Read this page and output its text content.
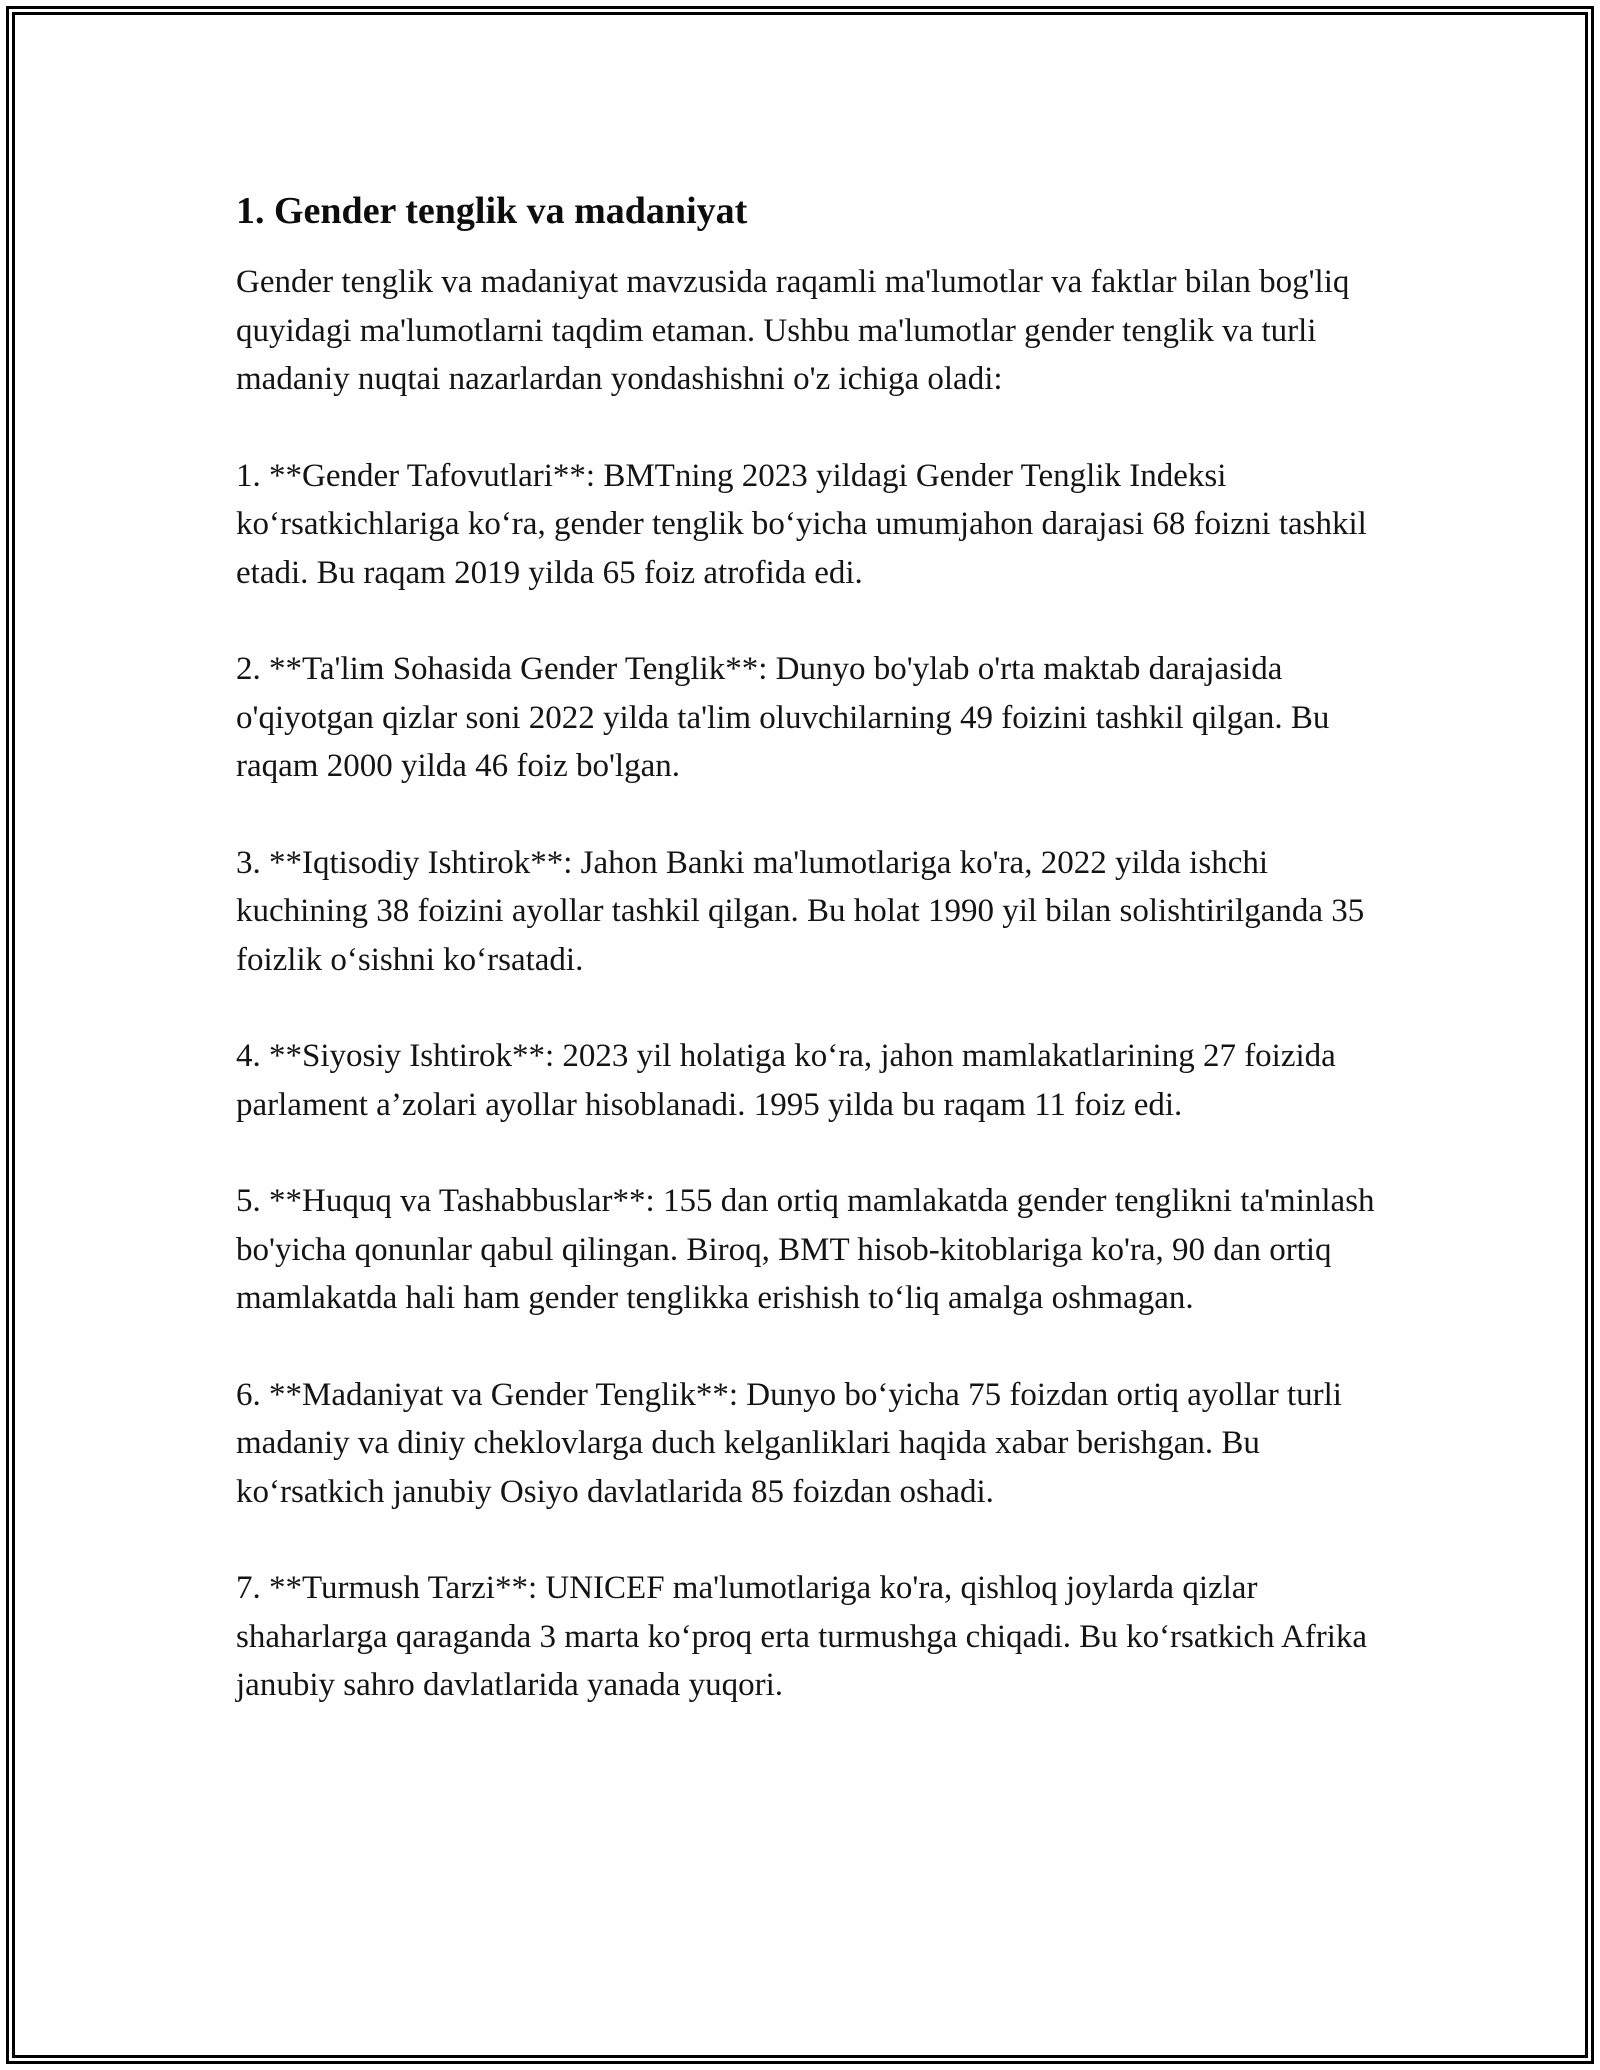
1. Gender tenglik va madaniyat

Gender tenglik va madaniyat mavzusida raqamli ma'lumotlar va faktlar bilan bog'liq quyidagi ma'lumotlarni taqdim etaman. Ushbu ma'lumotlar gender tenglik va turli madaniy nuqtai nazarlardan yondashishni o'z ichiga oladi:

1. **Gender Tafovutlari**: BMTning 2023 yildagi Gender Tenglik Indeksi ko‘rsatkichlariga ko‘ra, gender tenglik bo‘yicha umumjahon darajasi 68 foizni tashkil etadi. Bu raqam 2019 yilda 65 foiz atrofida edi.

2. **Ta'lim Sohasida Gender Tenglik**: Dunyo bo'ylab o'rta maktab darajasida o'qiyotgan qizlar soni 2022 yilda ta'lim oluvchilarning 49 foizini tashkil qilgan. Bu raqam 2000 yilda 46 foiz bo'lgan.

3. **Iqtisodiy Ishtirok**: Jahon Banki ma'lumotlariga ko'ra, 2022 yilda ishchi kuchining 38 foizini ayollar tashkil qilgan. Bu holat 1990 yil bilan solishtirilganda 35 foizlik o‘sishni ko‘rsatadi.

4. **Siyosiy Ishtirok**: 2023 yil holatiga ko‘ra, jahon mamlakatlarining 27 foizida parlament a’zolari ayollar hisoblanadi. 1995 yilda bu raqam 11 foiz edi.

5. **Huquq va Tashabbuslar**: 155 dan ortiq mamlakatda gender tenglikni ta'minlash bo'yicha qonunlar qabul qilingan. Biroq, BMT hisob-kitoblariga ko'ra, 90 dan ortiq mamlakatda hali ham gender tenglikka erishish to‘liq amalga oshmagan.

6. **Madaniyat va Gender Tenglik**: Dunyo bo‘yicha 75 foizdan ortiq ayollar turli madaniy va diniy cheklovlarga duch kelganliklari haqida xabar berishgan. Bu ko‘rsatkich janubiy Osiyo davlatlarida 85 foizdan oshadi.

7. **Turmush Tarzi**: UNICEF ma'lumotlariga ko'ra, qishloq joylarda qizlar shaharlarga qaraganda 3 marta ko‘proq erta turmushga chiqadi. Bu ko‘rsatkich Afrika janubiy sahro davlatlarida yanada yuqori.
